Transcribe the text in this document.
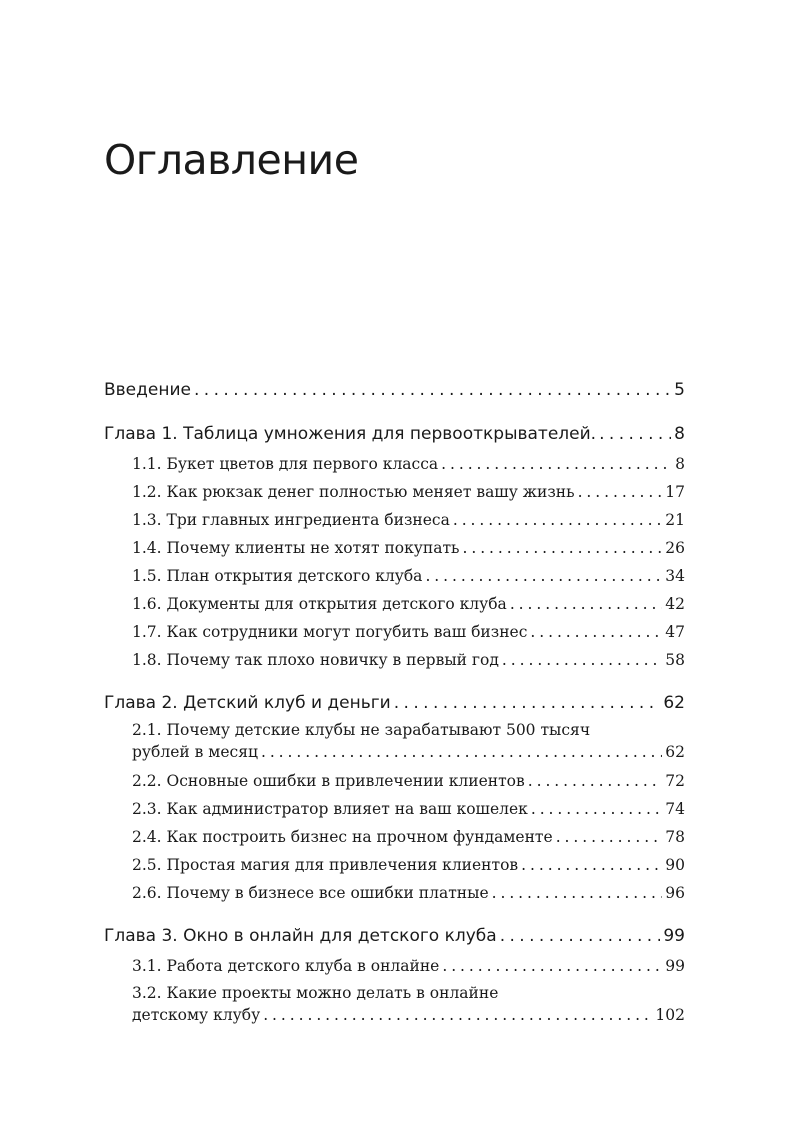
Оглавление
Введение . . .	5
Глава 1. Таблица умножения для первооткрывателей. . . .	8
1.1. Букет цветов для первого класса . . .	8
1.2. Как рюкзак денег полностью меняет вашу жизнь . . .	17
1.3. Три главных ингредиента бизнеса . . .	21
1.4. Почему клиенты не хотят покупать . . .	26
1.5. План открытия детского клуба . . .	34
1.6. Документы для открытия детского клуба . . .	42
1.7. Как сотрудники могут погубить ваш бизнес . . .	47
1.8. Почему так плохо новичку в первый год . . .	58
Глава 2. Детский клуб и деньги . . .	62
2.1. Почему детские клубы не зарабатывают 500 тысяч
рублей в месяц . . .	62
2.2. Основные ошибки в привлечении клиентов . . .	72
2.3. Как администратор влияет на ваш кошелек . . .	74
2.4. Как построить бизнес на прочном фундаменте . . .	78
2.5. Простая магия для привлечения клиентов . . .	90
2.6. Почему в бизнесе все ошибки платные . . .	96
Глава 3. Окно в онлайн для детского клуба . . .	99
3.1. Работа детского клуба в онлайне . . .	99
3.2. Какие проекты можно делать в онлайне
детскому клубу . . .	102
